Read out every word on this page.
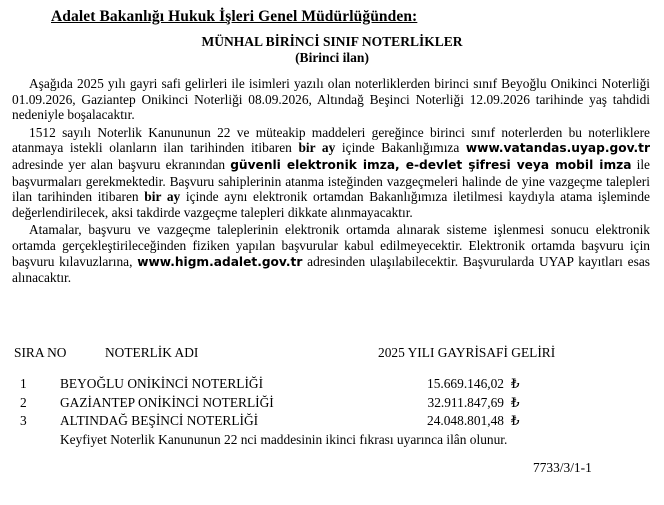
Adalet Bakanlığı Hukuk İşleri Genel Müdürlüğünden:
MÜNHAL BİRİNCİ SINIF NOTERLİKLER
(Birinci ilan)

Aşağıda 2025 yılı gayri safi gelirleri ile isimleri yazılı olan noterliklerden birinci sınıf Beyoğlu Onikinci Noterliği 01.09.2026, Gaziantep Onikinci Noterliği 08.09.2026, Altındağ Beşinci Noterliği 12.09.2026 tarihinde yaş tahdidi nedeniyle boşalacaktır.

1512 sayılı Noterlik Kanununun 22 ve müteakip maddeleri gereğince birinci sınıf noterlerden bu noterliklere atanmaya istekli olanların ilan tarihinden itibaren bir ay içinde Bakanlığımıza www.vatandas.uyap.gov.tr adresinde yer alan başvuru ekranından güvenli elektronik imza, e-devlet şifresi veya mobil imza ile başvurmaları gerekmektedir. Başvuru sahiplerinin atanma isteğinden vazgeçmeleri halinde de yine vazgeçme talepleri ilan tarihinden itibaren bir ay içinde aynı elektronik ortamdan Bakanlığımıza iletilmesi kaydıyla atama işleminde değerlendirilecek, aksi takdirde vazgeçme talepleri dikkate alınmayacaktır.

Atamalar, başvuru ve vazgeçme taleplerinin elektronik ortamda alınarak sisteme işlenmesi sonucu elektronik ortamda gerçekleştirileceğinden fiziken yapılan başvurular kabul edilmeyecektir. Elektronik ortamda başvuru için başvuru kılavuzlarına, www.higm.adalet.gov.tr adresinden ulaşılabilecektir. Başvurularda UYAP kayıtları esas alınacaktır.

SIRA NO	NOTERLİK ADI	2025 YILI GAYRİSAFİ GELİRİ
1 BEYOĞLU ONİKİNCİ NOTERLİĞİ	15.669.146,02 ₺
2 GAZİANTEP ONİKİNCİ NOTERLİĞİ	32.911.847,69 ₺
3 ALTINDAĞ BEŞİNCİ NOTERLİĞİ	24.048.801,48 ₺
Keyfiyet Noterlik Kanununun 22 nci maddesinin ikinci fıkrası uyarınca ilân olunur.
7733/3/1-1
